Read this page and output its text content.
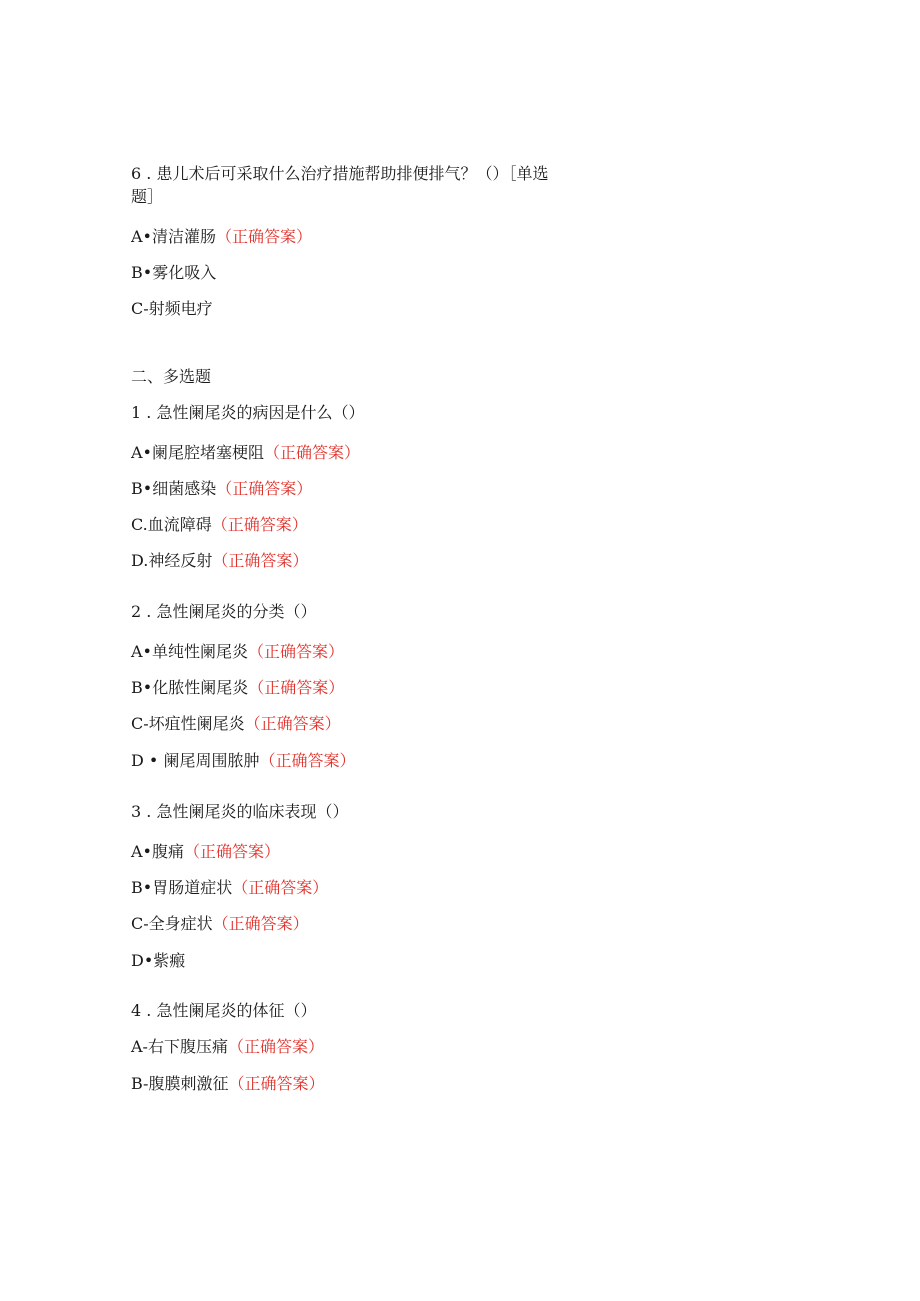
6 . 患儿术后可采取什么治疗措施帮助排便排气？（）［单选
题］
A•清洁灌肠（正确答案）
B•雾化吸入
C-射频电疗
二、多选题
1 . 急性阑尾炎的病因是什么（）
A•阑尾腔堵塞梗阻（正确答案）
B•细菌感染（正确答案）
C.血流障碍（正确答案）
D.神经反射（正确答案）
2 . 急性阑尾炎的分类（）
A•单纯性阑尾炎（正确答案）
B•化脓性阑尾炎（正确答案）
C-坏疽性阑尾炎（正确答案）
D • 阑尾周围脓肿（正确答案）
3 . 急性阑尾炎的临床表现（）
A•腹痛（正确答案）
B•胃肠道症状（正确答案）
C-全身症状（正确答案）
D•紫瘢
4 . 急性阑尾炎的体征（）
A-右下腹压痛（正确答案）
B-腹膜刺激征（正确答案）
